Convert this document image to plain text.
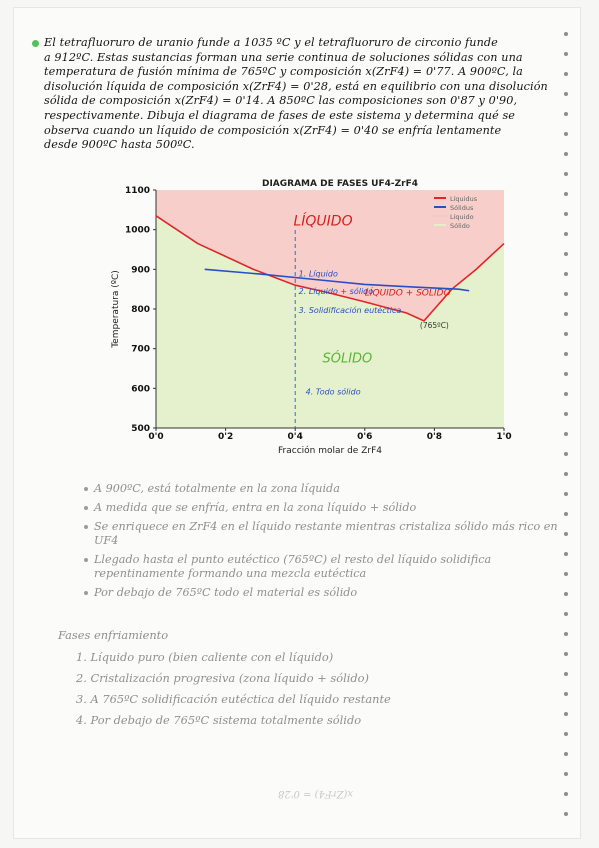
El tetrafluoruro de uranio funde a 1035 ºC y el tetrafluoruro de circonio funde
a 912ºC. Estas sustancias forman una serie continua de soluciones sólidas con una
temperatura de fusión mínima de 765ºC y composición x(ZrF4) = 0'77. A 900ºC, la
disolución líquida de composición x(ZrF4) = 0'28, está en equilibrio con una disolución
sólida de composición x(ZrF4) = 0'14. A 850ºC las composiciones son 0'87 y 0'90,
respectivamente. Dibuja el diagrama de fases de este sistema y determina qué se
observa cuando un líquido de composición x(ZrF4) = 0'40 se enfría lentamente
desde 900ºC hasta 500ºC.
500
600
700
800
900
1000
1100
0'0	0'2	0'4	0'6	0'8	1'0
DIAGRAMA DE FASES UF4-ZrF4
Fracción molar de ZrF4
Temperatura (ºC)
Líquidus
Sólidus
Líquido
Sólido
LÍQUIDO
1. Líquido
2. Líquido + sólido
LÍQUIDO + SÓLIDO
3. Solidificación eutéctica
(765ºC)
SÓLIDO
4. Todo sólido
A 900ºC, está totalmente en la zona líquida
A medida que se enfría, entra en la zona líquido + sólido
Se enriquece en ZrF4 en el líquido restante mientras cristaliza sólido más rico en UF4
Llegado hasta el punto eutéctico (765ºC) el resto del líquido solidifica repentinamente formando una mezcla eutéctica
Por debajo de 765ºC todo el material es sólido
Fases enfriamiento
1. Líquido puro (bien caliente con el líquido)
2. Cristalización progresiva (zona líquido + sólido)
3. A 765ºC solidificación eutéctica del líquido restante
4. Por debajo de 765ºC sistema totalmente sólido
x(ZrF4) = 0'28
